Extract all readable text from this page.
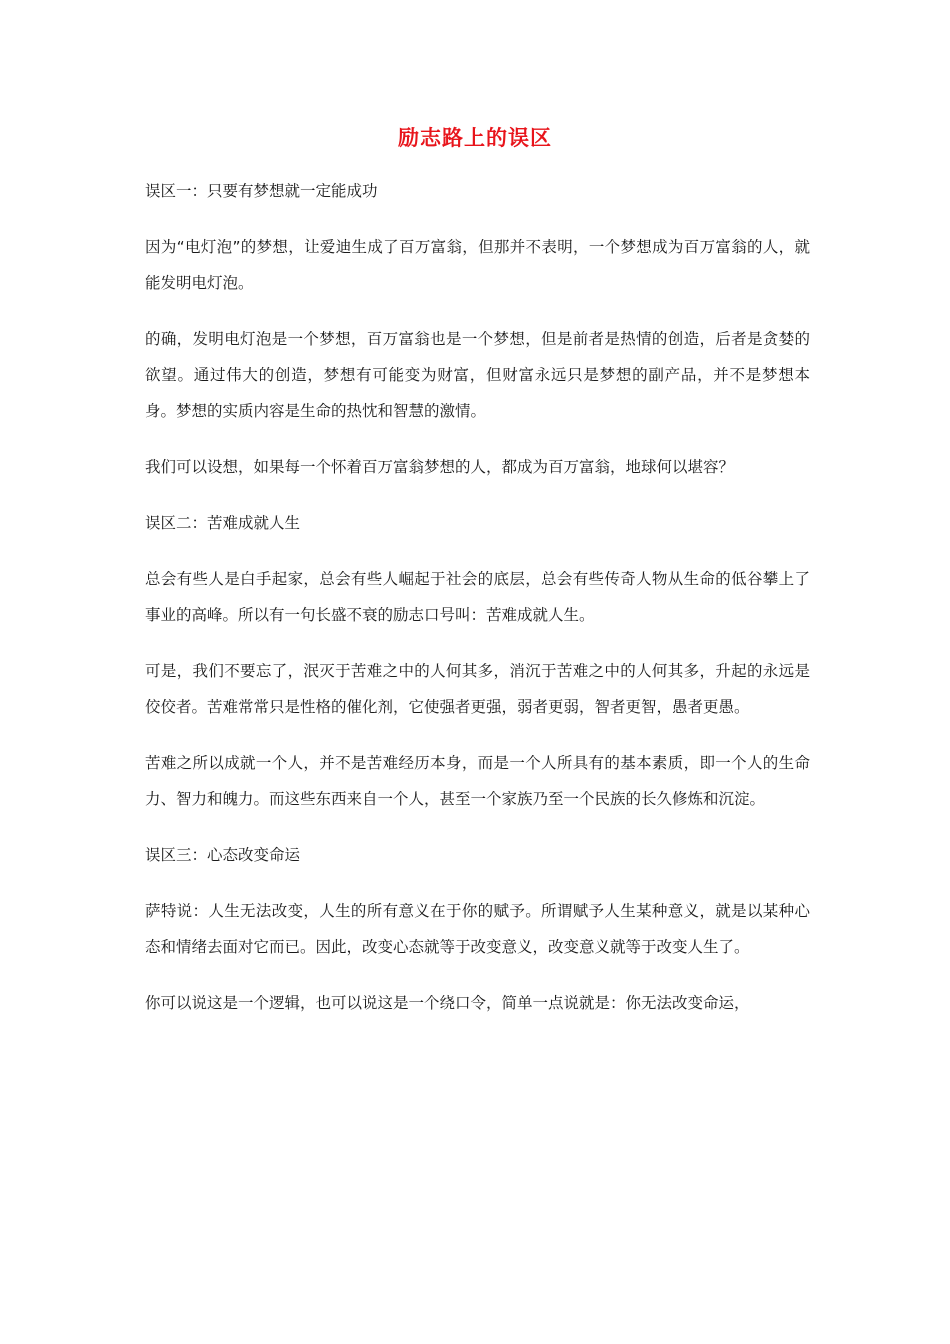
励志路上的误区

误区一：只要有梦想就一定能成功

因为“电灯泡”的梦想，让爱迪生成了百万富翁，但那并不表明，一个梦想成为百万富翁的人，就能发明电灯泡。

的确，发明电灯泡是一个梦想，百万富翁也是一个梦想，但是前者是热情的创造，后者是贪婪的欲望。通过伟大的创造，梦想有可能变为财富，但财富永远只是梦想的副产品，并不是梦想本身。梦想的实质内容是生命的热忱和智慧的激情。

我们可以设想，如果每一个怀着百万富翁梦想的人，都成为百万富翁，地球何以堪容？

误区二：苦难成就人生

总会有些人是白手起家，总会有些人崛起于社会的底层，总会有些传奇人物从生命的低谷攀上了事业的高峰。所以有一句长盛不衰的励志口号叫：苦难成就人生。

可是，我们不要忘了，泯灭于苦难之中的人何其多，消沉于苦难之中的人何其多，升起的永远是佼佼者。苦难常常只是性格的催化剂，它使强者更强，弱者更弱，智者更智，愚者更愚。

苦难之所以成就一个人，并不是苦难经历本身，而是一个人所具有的基本素质，即一个人的生命力、智力和魄力。而这些东西来自一个人，甚至一个家族乃至一个民族的长久修炼和沉淀。

误区三：心态改变命运

萨特说：人生无法改变，人生的所有意义在于你的赋予。所谓赋予人生某种意义，就是以某种心态和情绪去面对它而已。因此，改变心态就等于改变意义，改变意义就等于改变人生了。

你可以说这是一个逻辑，也可以说这是一个绕口令，简单一点说就是：你无法改变命运，
